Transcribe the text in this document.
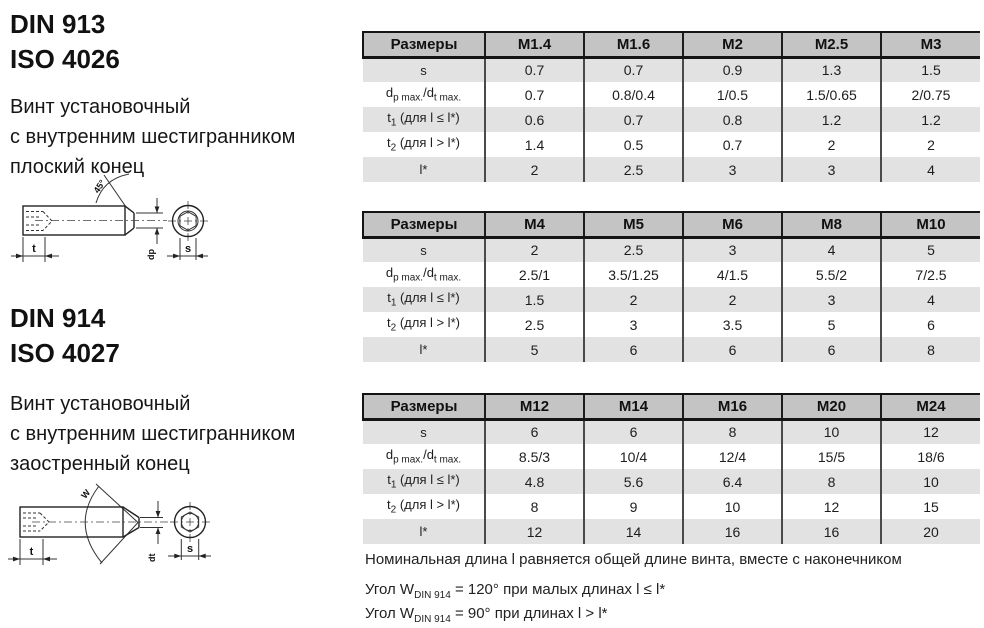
DIN 913
ISO 4026
Винт установочный
с внутренним шестигранником
плоский конец
45°
t	dp	s
DIN 914
ISO 4027
Винт установочный
с внутренним шестигранником
заостренный конец
W
t	dt
s
Размеры	M1.4	M1.6	M2	M2.5	M3
s	0.7	0.7	0.9	1.3	1.5
$d_{p max.}/d_{t max.}$	0.7	0.8/0.4	1/0.5	1.5/0.65	2/0.75
$t_1$ (для l ≤ l*)	0.6	0.7	0.8	1.2	1.2
$t_2$ (для l > l*)	1.4	0.5	0.7	2	2
l*	2	2.5	3	3	4
Размеры	M4	M5	M6	M8	M10
s	2	2.5	3	4	5
$d_{p max.}/d_{t max.}$	2.5/1	3.5/1.25	4/1.5	5.5/2	7/2.5
$t_1$ (для l ≤ l*)	1.5	2	2	3	4
$t_2$ (для l > l*)	2.5	3	3.5	5	6
l*	5	6	6	6	8
Размеры	M12	M14	M16	M20	M24
s	6	6	8	10	12
$d_{p max.}/d_{t max.}$	8.5/3	10/4	12/4	15/5	18/6
$t_1$ (для l ≤ l*)	4.8	5.6	6.4	8	10
$t_2$ (для l > l*)	8	9	10	12	15
l*	12	14	16	16	20
Номинальная длина l равняется общей длине винта, вместе с наконечником
Угол $W_{DIN 914} = 120^\circ$ при малых длинах l ≤ l*
Угол $W_{DIN 914} = 90^\circ$ при длинах l > l*
